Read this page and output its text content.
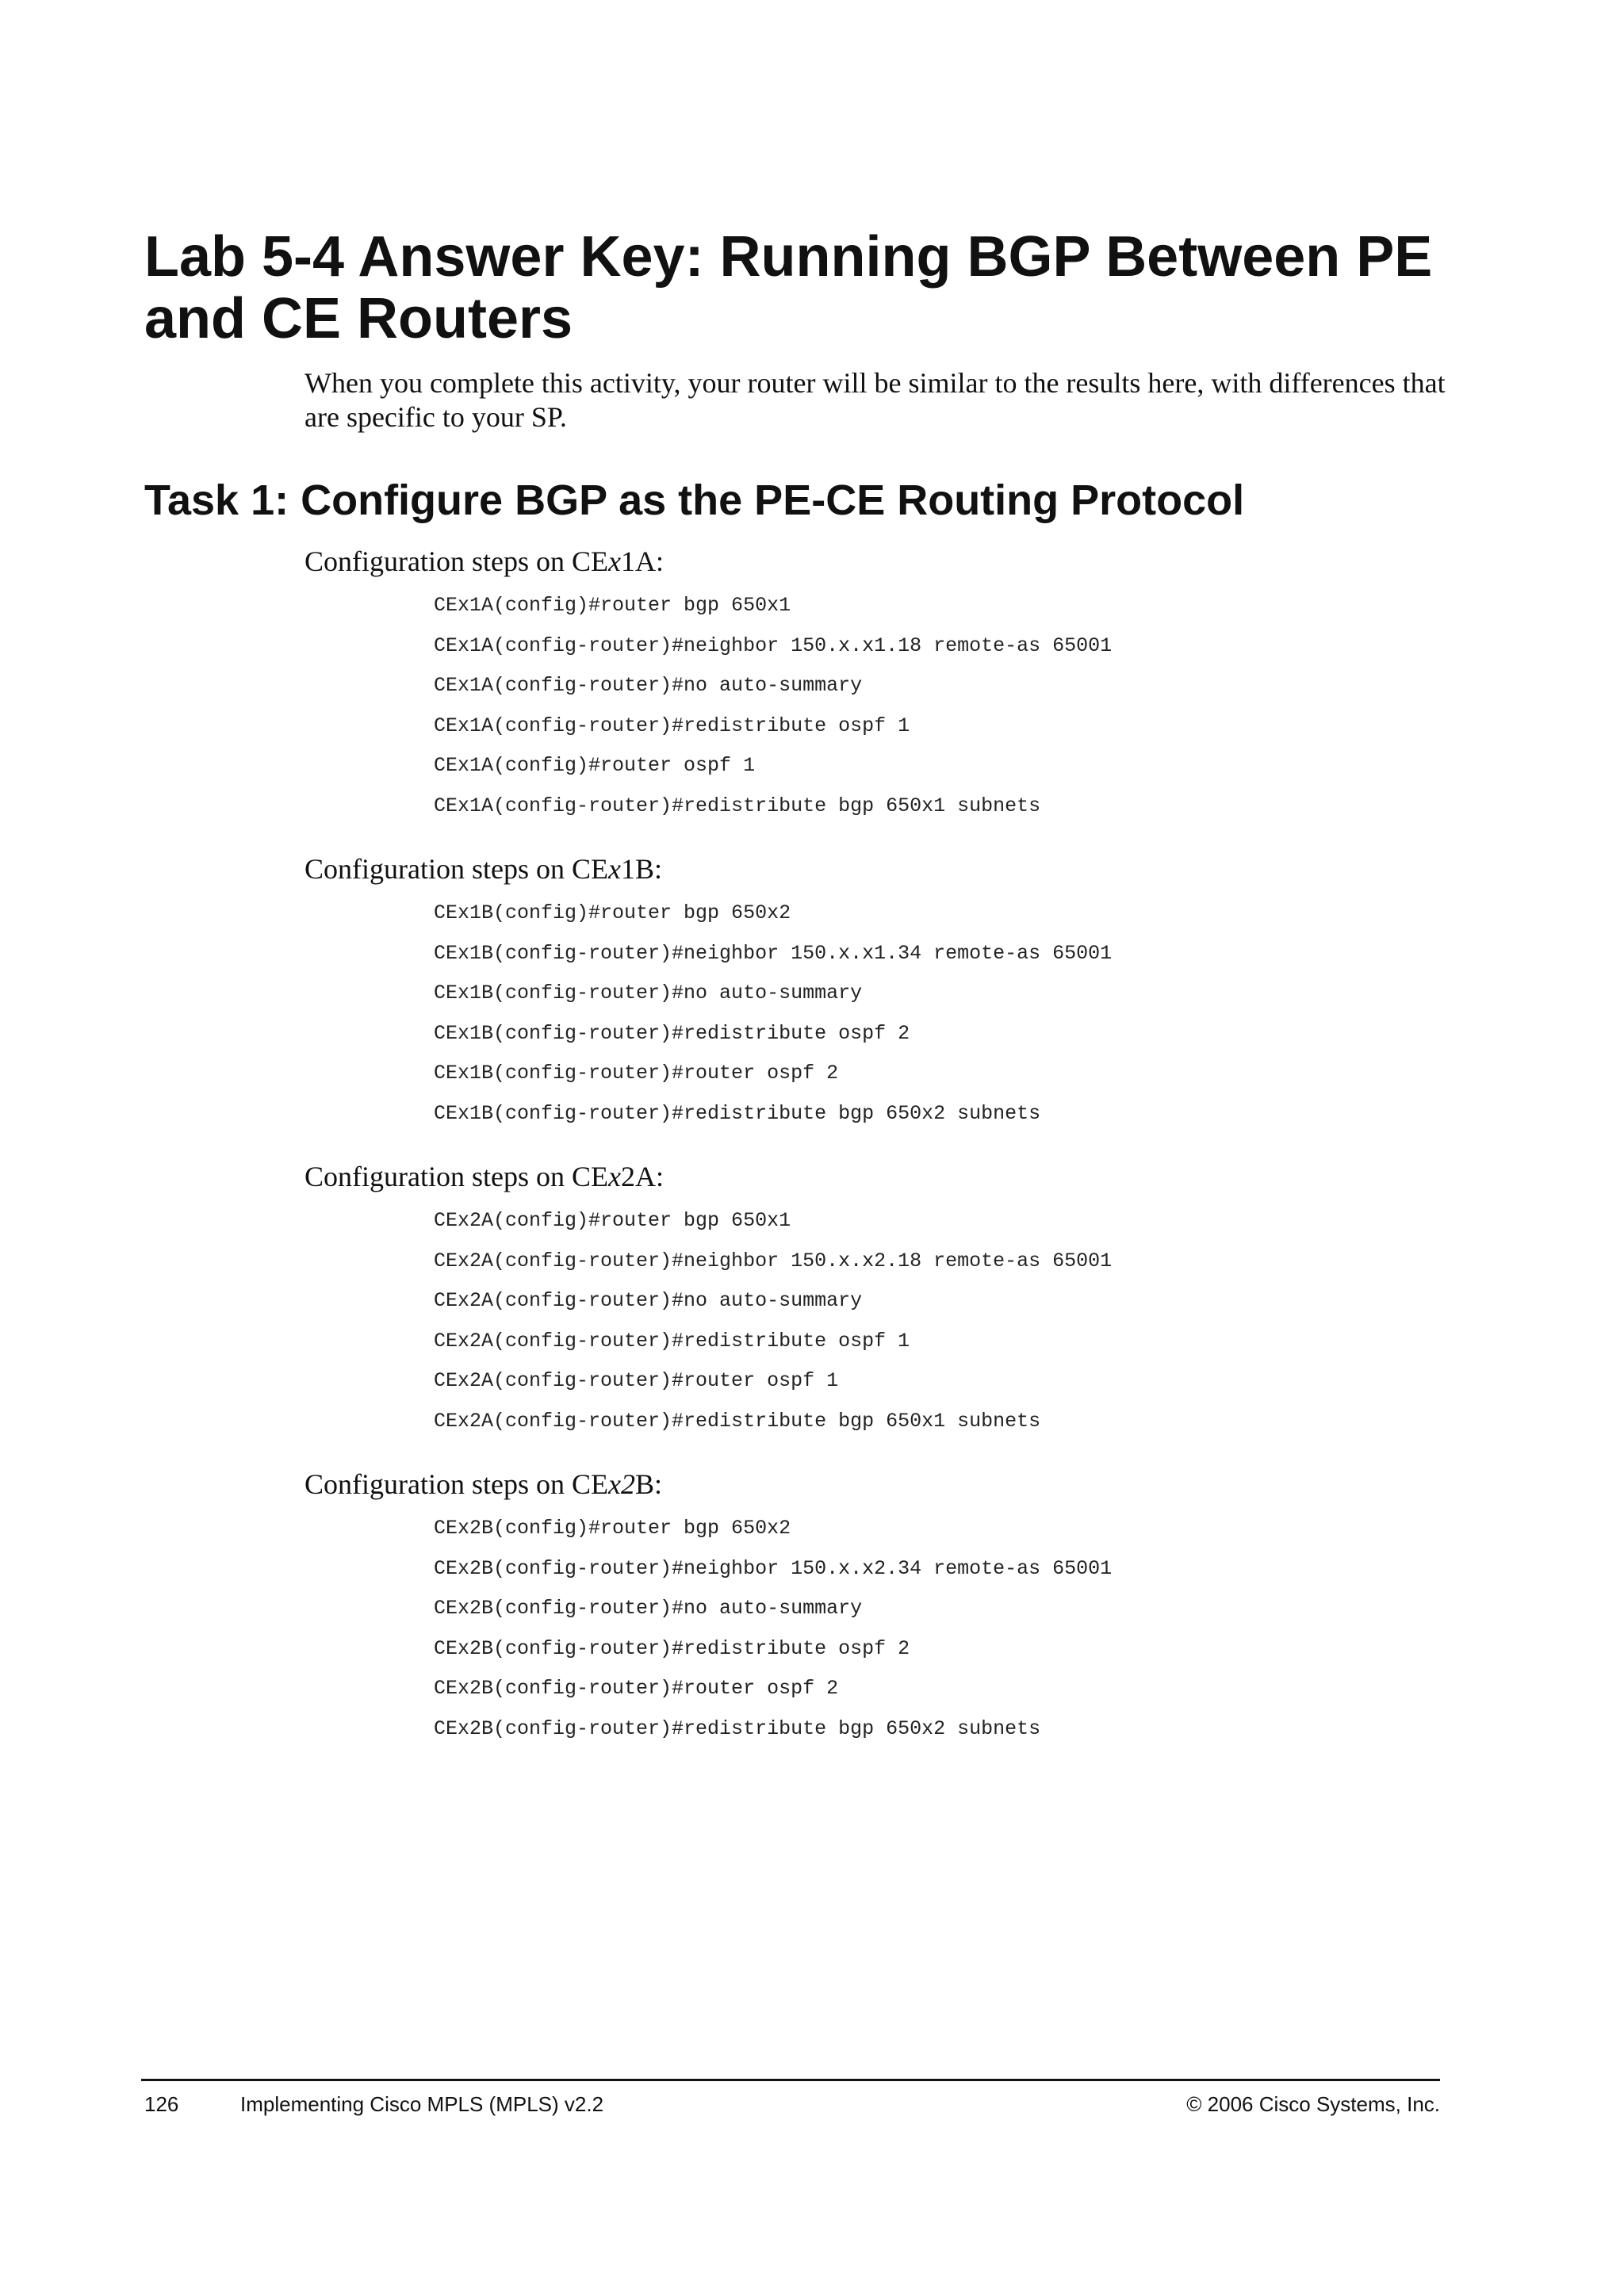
Lab 5-4 Answer Key: Running BGP Between PE and CE Routers

When you complete this activity, your router will be similar to the results here, with differences that are specific to your SP.

Task 1: Configure BGP as the PE-CE Routing Protocol
Configuration steps on CEx1A:
CEx1A(config)#router bgp 650x1
CEx1A(config-router)#neighbor 150.x.x1.18 remote-as 65001
CEx1A(config-router)#no auto-summary
CEx1A(config-router)#redistribute ospf 1
CEx1A(config)#router ospf 1
CEx1A(config-router)#redistribute bgp 650x1 subnets
Configuration steps on CEx1B:
CEx1B(config)#router bgp 650x2
CEx1B(config-router)#neighbor 150.x.x1.34 remote-as 65001
CEx1B(config-router)#no auto-summary
CEx1B(config-router)#redistribute ospf 2
CEx1B(config-router)#router ospf 2
CEx1B(config-router)#redistribute bgp 650x2 subnets
Configuration steps on CEx2A:
CEx2A(config)#router bgp 650x1
CEx2A(config-router)#neighbor 150.x.x2.18 remote-as 65001
CEx2A(config-router)#no auto-summary
CEx2A(config-router)#redistribute ospf 1
CEx2A(config-router)#router ospf 1
CEx2A(config-router)#redistribute bgp 650x1 subnets
Configuration steps on CEx2B:
CEx2B(config)#router bgp 650x2
CEx2B(config-router)#neighbor 150.x.x2.34 remote-as 65001
CEx2B(config-router)#no auto-summary
CEx2B(config-router)#redistribute ospf 2
CEx2B(config-router)#router ospf 2
CEx2B(config-router)#redistribute bgp 650x2 subnets
126	Implementing Cisco MPLS (MPLS) v2.2	© 2006 Cisco Systems, Inc.
